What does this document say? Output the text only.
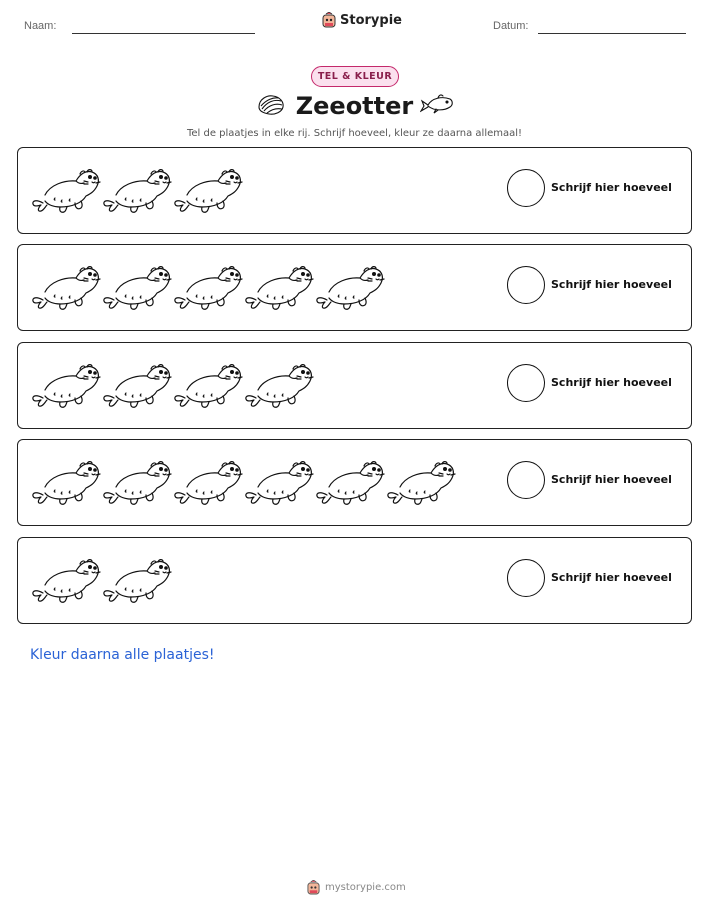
Naam:	Storypie	Datum:
TEL & KLEUR
Zeeotter
Tel de plaatjes in elke rij. Schrijf hoeveel, kleur ze daarna allemaal!
Schrijf hier hoeveel
Schrijf hier hoeveel
Schrijf hier hoeveel
Schrijf hier hoeveel
Schrijf hier hoeveel
Kleur daarna alle plaatjes!
mystorypie.com
